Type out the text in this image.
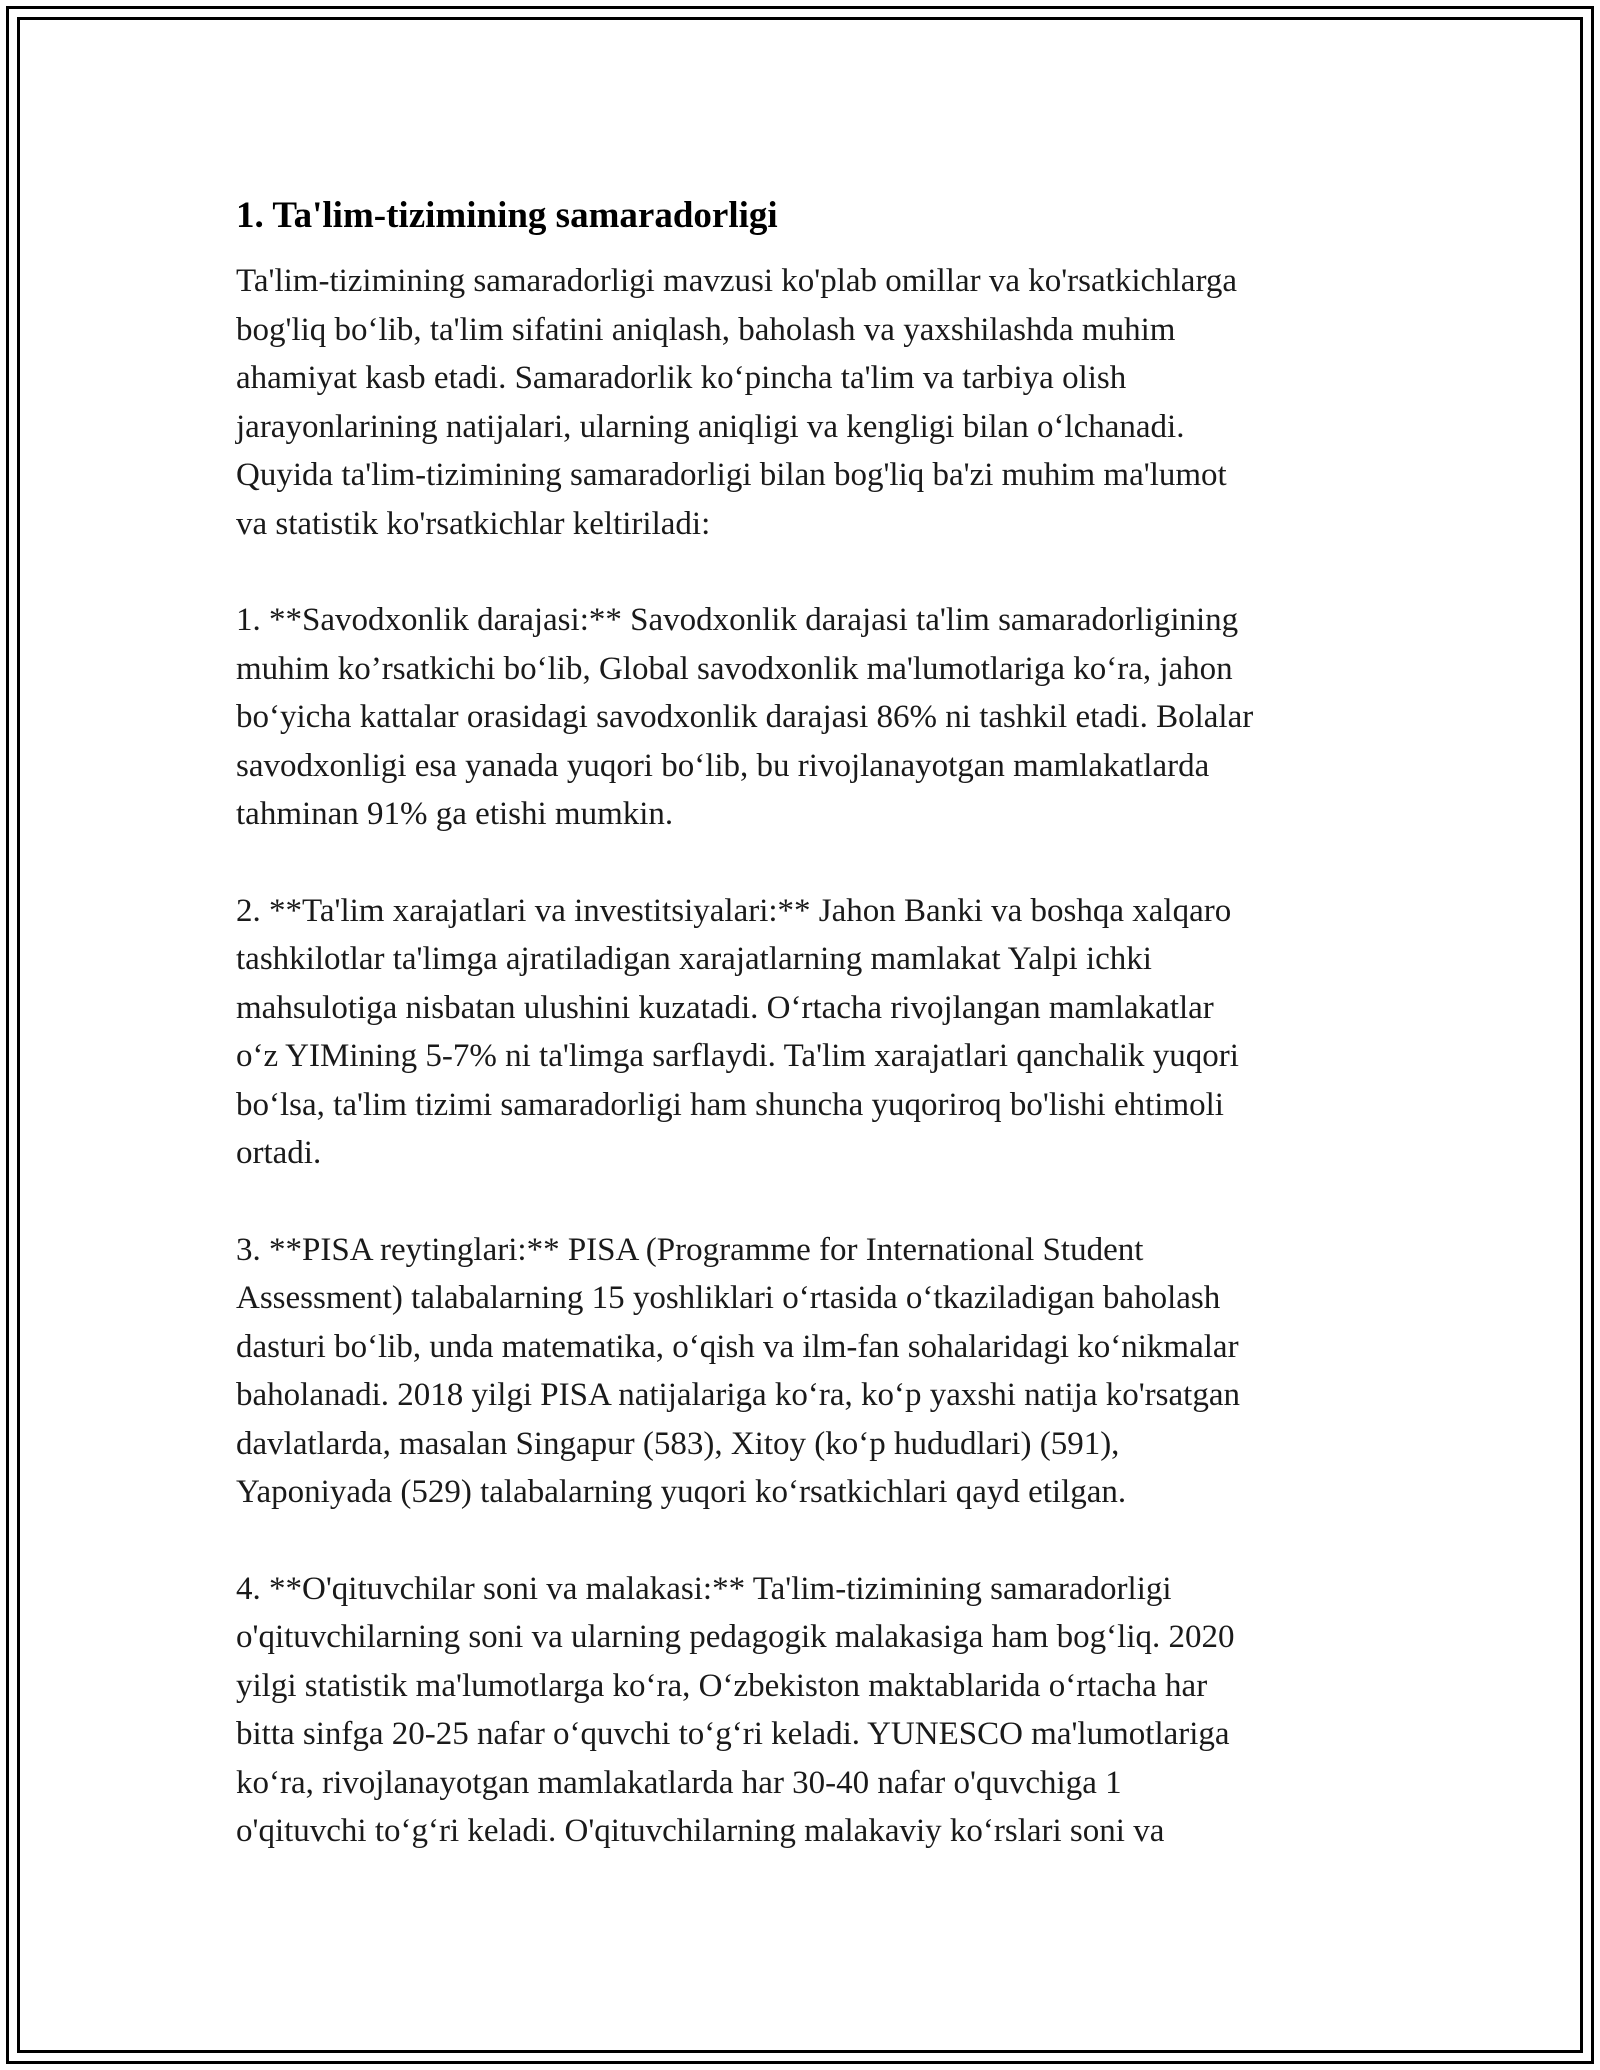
1. Ta'lim-tizimining samaradorligi

Ta'lim-tizimining samaradorligi mavzusi ko'plab omillar va ko'rsatkichlarga
bog'liq bo‘lib, ta'lim sifatini aniqlash, baholash va yaxshilashda muhim
ahamiyat kasb etadi. Samaradorlik ko‘pincha ta'lim va tarbiya olish
jarayonlarining natijalari, ularning aniqligi va kengligi bilan o‘lchanadi.
Quyida ta'lim-tizimining samaradorligi bilan bog'liq ba'zi muhim ma'lumot
va statistik ko'rsatkichlar keltiriladi:

1. **Savodxonlik darajasi:** Savodxonlik darajasi ta'lim samaradorligining
muhim ko’rsatkichi bo‘lib, Global savodxonlik ma'lumotlariga ko‘ra, jahon
bo‘yicha kattalar orasidagi savodxonlik darajasi 86% ni tashkil etadi. Bolalar
savodxonligi esa yanada yuqori bo‘lib, bu rivojlanayotgan mamlakatlarda
tahminan 91% ga etishi mumkin.

2. **Ta'lim xarajatlari va investitsiyalari:** Jahon Banki va boshqa xalqaro
tashkilotlar ta'limga ajratiladigan xarajatlarning mamlakat Yalpi ichki
mahsulotiga nisbatan ulushini kuzatadi. O‘rtacha rivojlangan mamlakatlar
o‘z YIMining 5-7% ni ta'limga sarflaydi. Ta'lim xarajatlari qanchalik yuqori
bo‘lsa, ta'lim tizimi samaradorligi ham shuncha yuqoriroq bo'lishi ehtimoli
ortadi.

3. **PISA reytinglari:** PISA (Programme for International Student
Assessment) talabalarning 15 yoshliklari o‘rtasida o‘tkaziladigan baholash
dasturi bo‘lib, unda matematika, o‘qish va ilm-fan sohalaridagi ko‘nikmalar
baholanadi. 2018 yilgi PISA natijalariga ko‘ra, ko‘p yaxshi natija ko'rsatgan
davlatlarda, masalan Singapur (583), Xitoy (ko‘p hududlari) (591),
Yaponiyada (529) talabalarning yuqori ko‘rsatkichlari qayd etilgan.

4. **O'qituvchilar soni va malakasi:** Ta'lim-tizimining samaradorligi
o'qituvchilarning soni va ularning pedagogik malakasiga ham bog‘liq. 2020
yilgi statistik ma'lumotlarga ko‘ra, O‘zbekiston maktablarida o‘rtacha har
bitta sinfga 20-25 nafar o‘quvchi to‘g‘ri keladi. YUNESCO ma'lumotlariga
ko‘ra, rivojlanayotgan mamlakatlarda har 30-40 nafar o'quvchiga 1
o'qituvchi to‘g‘ri keladi. O'qituvchilarning malakaviy ko‘rslari soni va
